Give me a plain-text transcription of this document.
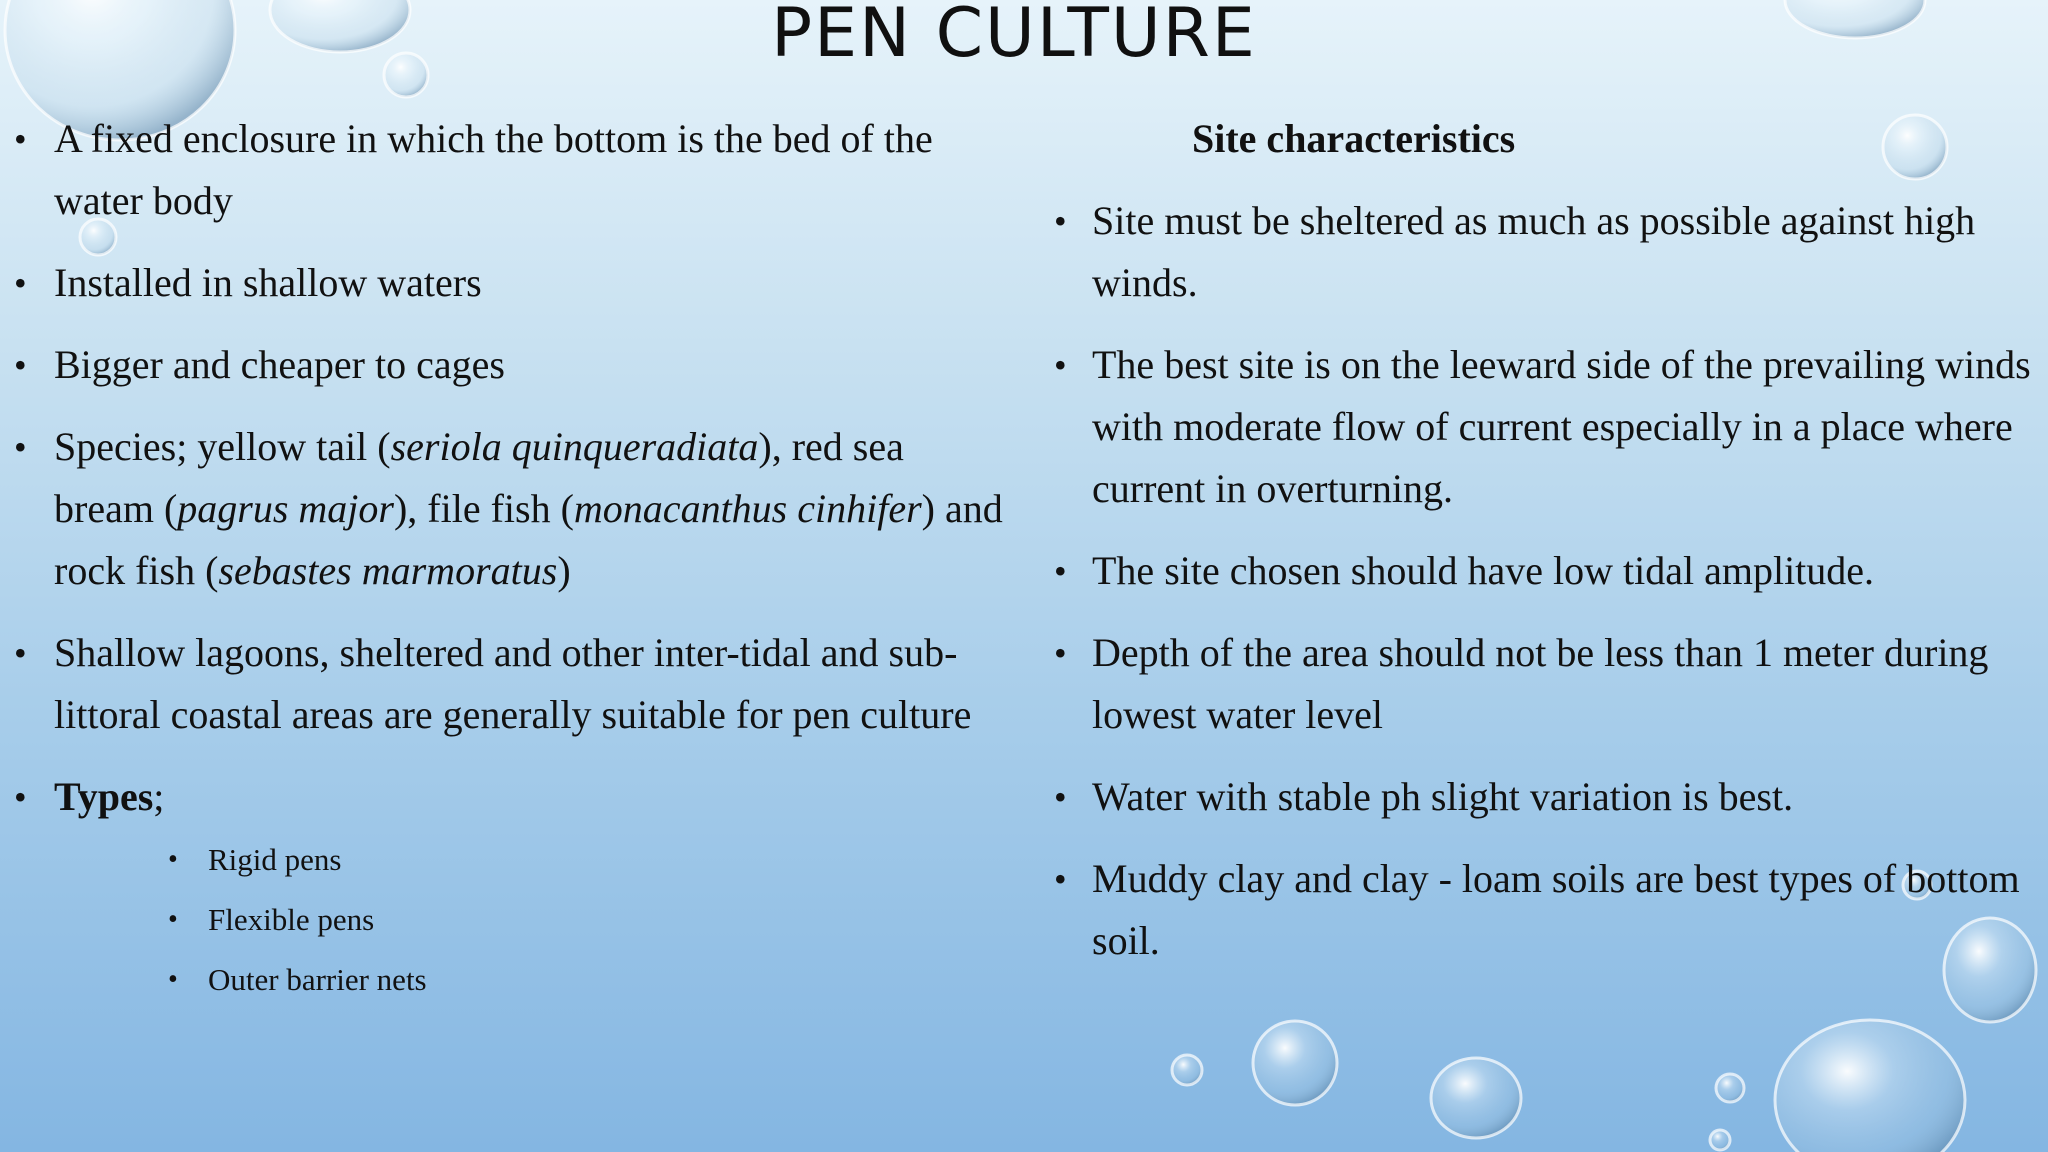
PEN CULTURE
• A fixed enclosure in which the bottom is the bed of the water body
• Installed in shallow waters
• Bigger and cheaper to cages
• Species; yellow tail (seriola quinqueradiata), red sea bream (pagrus major), file fish (monacanthus cinhifer) and rock fish (sebastes marmoratus)
• Shallow lagoons, sheltered and other inter-tidal and sub-littoral coastal areas are generally suitable for pen culture
• Types;
• Rigid pens
• Flexible pens
• Outer barrier nets
Site characteristics
• Site must be sheltered as much as possible against high winds.
• The best site is on the leeward side of the prevailing winds with moderate flow of current especially in a place where current in overturning.
• The site chosen should have low tidal amplitude.
• Depth of the area should not be less than 1 meter during lowest water level
• Water with stable ph slight variation is best.
• Muddy clay and clay - loam soils are best types of bottom soil.
